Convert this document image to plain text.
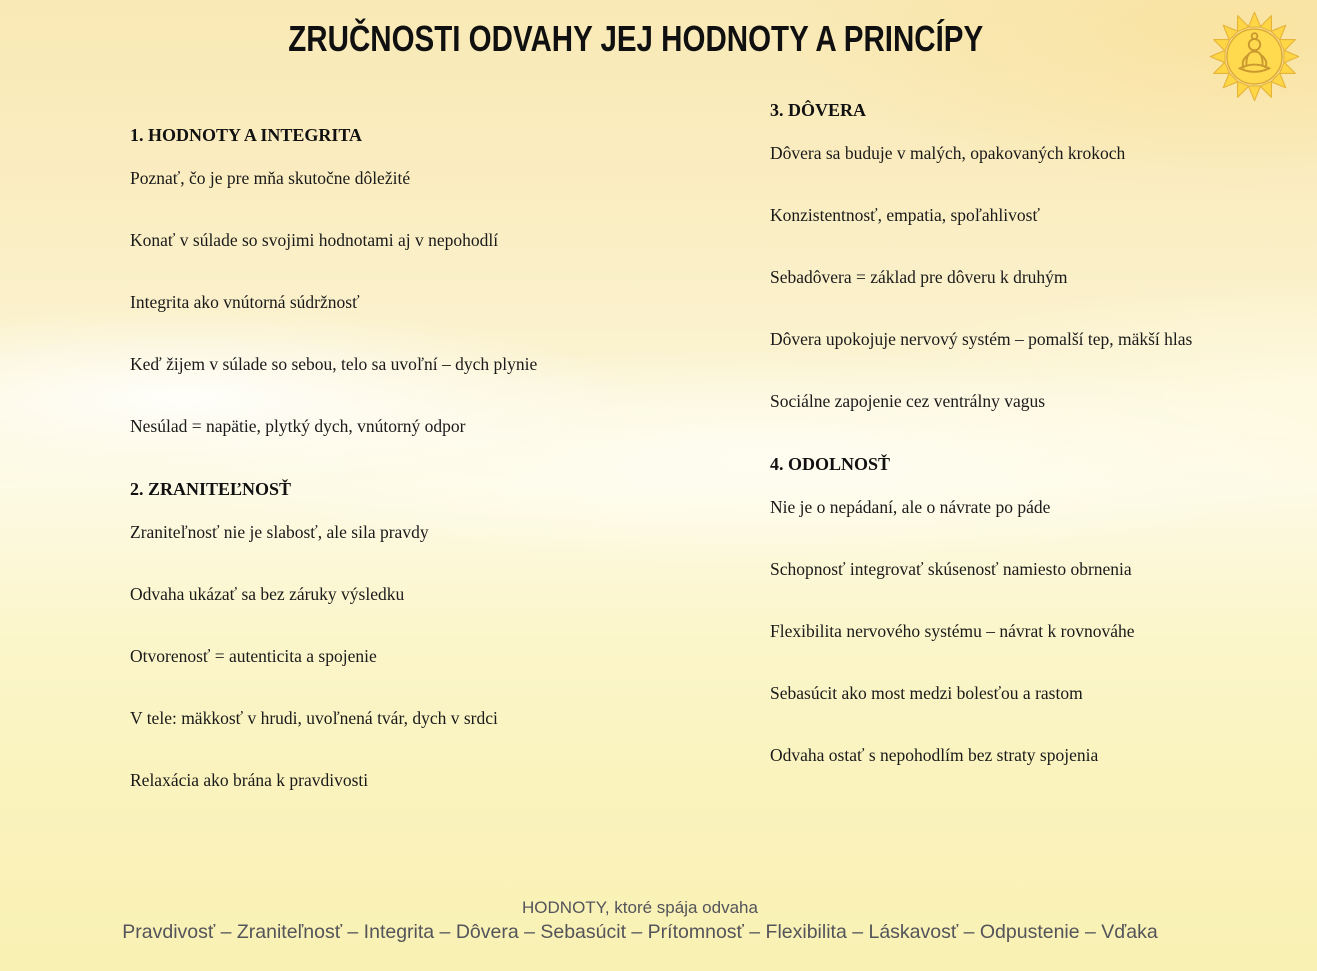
ZRUČNOSTI ODVAHY JEJ HODNOTY A PRINCÍPY
1. HODNOTY A INTEGRITA

Poznať, čo je pre mňa skutočne dôležité

Konať v súlade so svojimi hodnotami aj v nepohodlí

Integrita ako vnútorná súdržnosť

Keď žijem v súlade so sebou, telo sa uvoľní – dych plynie

Nesúlad = napätie, plytký dych, vnútorný odpor

2. ZRANITEĽNOSŤ

Zraniteľnosť nie je slabosť, ale sila pravdy

Odvaha ukázať sa bez záruky výsledku

Otvorenosť = autenticita a spojenie

V tele: mäkkosť v hrudi, uvoľnená tvár, dych v srdci

Relaxácia ako brána k pravdivosti

3. DÔVERA

Dôvera sa buduje v malých, opakovaných krokoch

Konzistentnosť, empatia, spoľahlivosť

Sebadôvera = základ pre dôveru k druhým

Dôvera upokojuje nervový systém – pomalší tep, mäkší hlas

Sociálne zapojenie cez ventrálny vagus

4. ODOLNOSŤ

Nie je o nepádaní, ale o návrate po páde

Schopnosť integrovať skúsenosť namiesto obrnenia

Flexibilita nervového systému – návrat k rovnováhe

Sebasúcit ako most medzi bolesťou a rastom

Odvaha ostať s nepohodlím bez straty spojenia

HODNOTY, ktoré spája odvaha
Pravdivosť – Zraniteľnosť – Integrita – Dôvera – Sebasúcit – Prítomnosť – Flexibilita – Láskavosť – Odpustenie – Vďaka
